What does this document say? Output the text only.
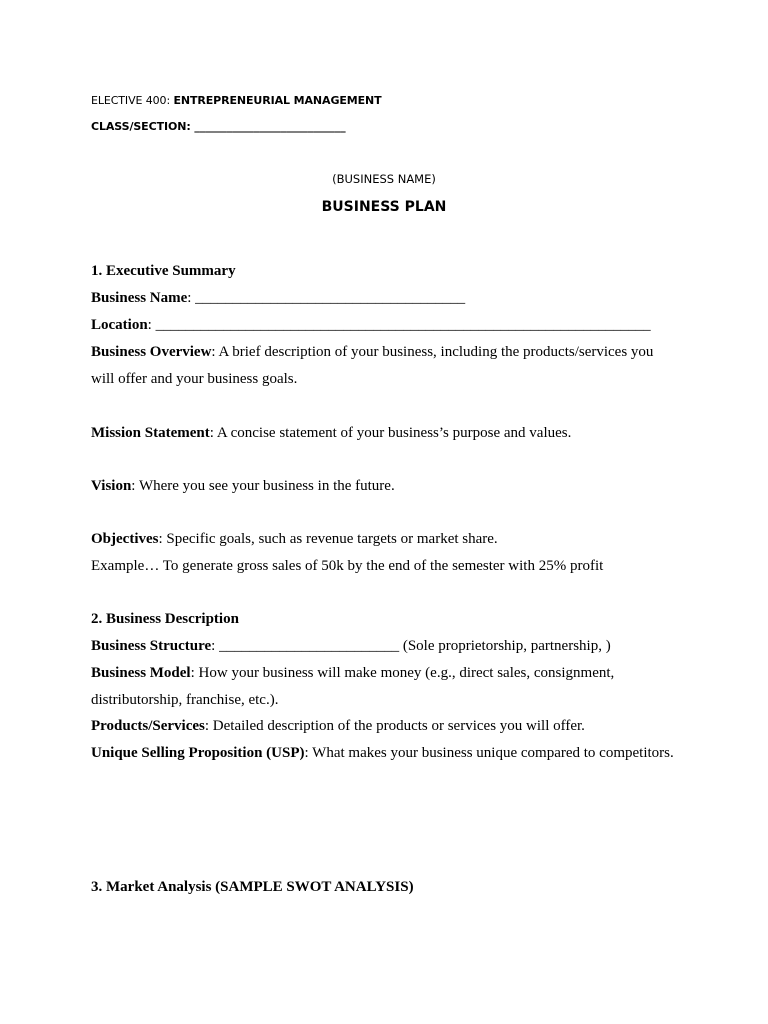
ELECTIVE 400: ENTREPRENEURIAL MANAGEMENT
CLASS/SECTION: ____________________________
(BUSINESS NAME)
BUSINESS PLAN
1. Executive Summary
Business Name: ____________________________________
Location: __________________________________________________________________
Business Overview: A brief description of your business, including the products/services you
will offer and your business goals.
Mission Statement: A concise statement of your business’s purpose and values.
Vision: Where you see your business in the future.
Objectives: Specific goals, such as revenue targets or market share.
Example… To generate gross sales of 50k by the end of the semester with 25% profit
2. Business Description
Business Structure: ________________________ (Sole proprietorship, partnership, )
Business Model: How your business will make money (e.g., direct sales, consignment,
distributorship, franchise, etc.).
Products/Services: Detailed description of the products or services you will offer.
Unique Selling Proposition (USP): What makes your business unique compared to competitors.
3. Market Analysis (SAMPLE SWOT ANALYSIS)
